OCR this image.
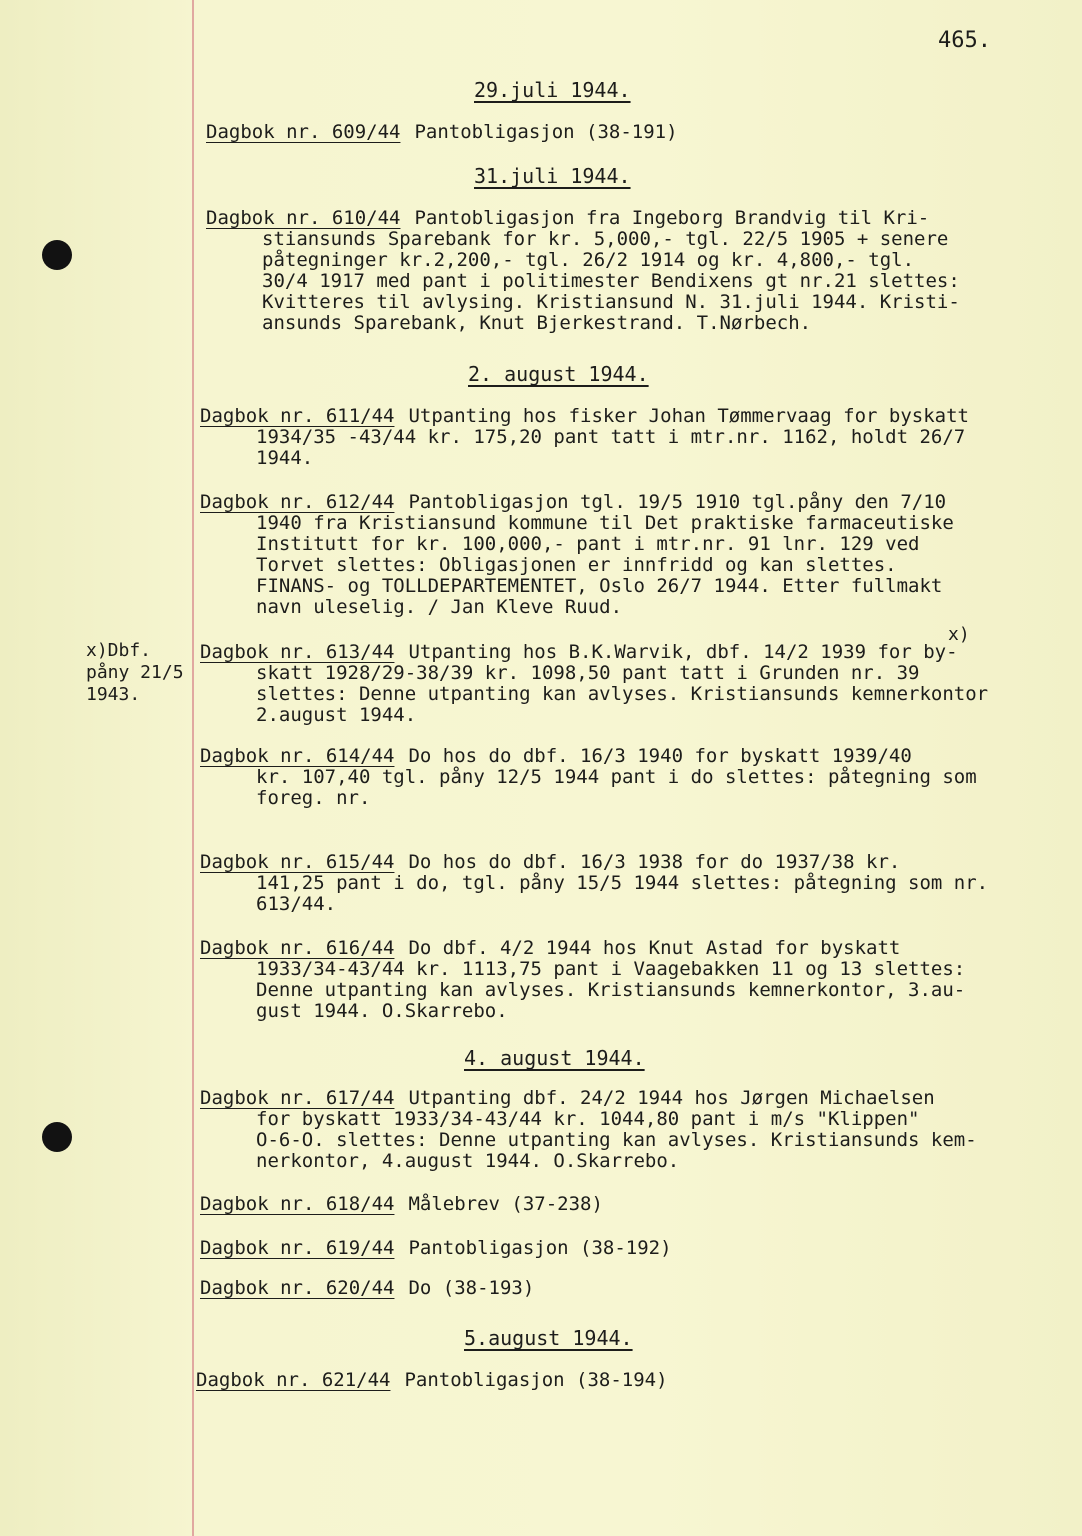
465.
29.juli 1944.
31.juli 1944.
2. august 1944.
4. august 1944.
5.august 1944.
x)Dbf.
påny 21/5
1943.
x)
Dagbok nr. 609/44 Pantobligasjon (38-191)
Dagbok nr. 610/44 Pantobligasjon fra Ingeborg Brandvig til Kri-
stiansunds Sparebank for kr. 5,000,- tgl. 22/5 1905 + senere
påtegninger kr.2,200,- tgl. 26/2 1914 og kr. 4,800,- tgl.
30/4 1917 med pant i politimester Bendixens gt nr.21 slettes:
Kvitteres til avlysing. Kristiansund N. 31.juli 1944. Kristi-
ansunds Sparebank, Knut Bjerkestrand. T.Nørbech.
Dagbok nr. 611/44 Utpanting hos fisker Johan Tømmervaag for byskatt
1934/35 -43/44 kr. 175,20 pant tatt i mtr.nr. 1162, holdt 26/7
1944.
Dagbok nr. 612/44 Pantobligasjon tgl. 19/5 1910 tgl.påny den 7/10
1940 fra Kristiansund kommune til Det praktiske farmaceutiske
Institutt for kr. 100,000,- pant i mtr.nr. 91 lnr. 129 ved
Torvet slettes: Obligasjonen er innfridd og kan slettes.
FINANS- og TOLLDEPARTEMENTET, Oslo 26/7 1944. Etter fullmakt
navn uleselig. / Jan Kleve Ruud.
Dagbok nr. 613/44 Utpanting hos B.K.Warvik, dbf. 14/2 1939 for by-
skatt 1928/29-38/39 kr. 1098,50 pant tatt i Grunden nr. 39
slettes: Denne utpanting kan avlyses. Kristiansunds kemnerkontor
2.august 1944.
Dagbok nr. 614/44 Do hos do dbf. 16/3 1940 for byskatt 1939/40
kr. 107,40 tgl. påny 12/5 1944 pant i do slettes: påtegning som
foreg. nr.
Dagbok nr. 615/44 Do hos do dbf. 16/3 1938 for do 1937/38 kr.
141,25 pant i do, tgl. påny 15/5 1944 slettes: påtegning som nr.
613/44.
Dagbok nr. 616/44 Do dbf. 4/2 1944 hos Knut Astad for byskatt
1933/34-43/44 kr. 1113,75 pant i Vaagebakken 11 og 13 slettes:
Denne utpanting kan avlyses. Kristiansunds kemnerkontor, 3.au-
gust 1944. O.Skarrebo.
Dagbok nr. 617/44 Utpanting dbf. 24/2 1944 hos Jørgen Michaelsen
for byskatt 1933/34-43/44 kr. 1044,80 pant i m/s "Klippen"
O-6-O. slettes: Denne utpanting kan avlyses. Kristiansunds kem-
nerkontor, 4.august 1944. O.Skarrebo.
Dagbok nr. 618/44 Målebrev (37-238)
Dagbok nr. 619/44 Pantobligasjon (38-192)
Dagbok nr. 620/44 Do (38-193)
Dagbok nr. 621/44 Pantobligasjon (38-194)
